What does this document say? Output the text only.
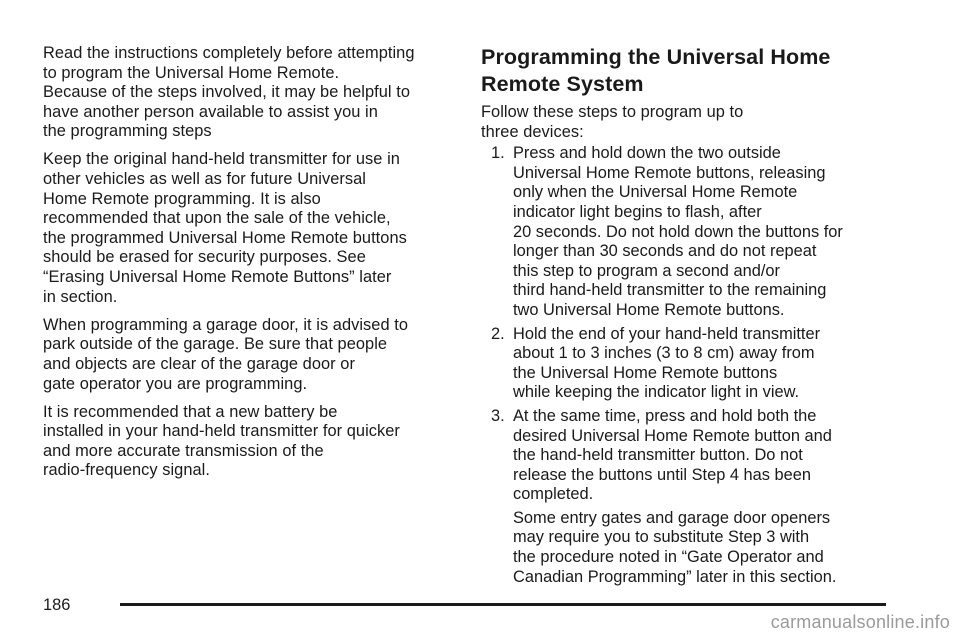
Read the instructions completely before attempting
to program the Universal Home Remote.
Because of the steps involved, it may be helpful to
have another person available to assist you in
the programming steps

Keep the original hand-held transmitter for use in
other vehicles as well as for future Universal
Home Remote programming. It is also
recommended that upon the sale of the vehicle,
the programmed Universal Home Remote buttons
should be erased for security purposes. See
“Erasing Universal Home Remote Buttons” later
in section.

When programming a garage door, it is advised to
park outside of the garage. Be sure that people
and objects are clear of the garage door or
gate operator you are programming.

It is recommended that a new battery be
installed in your hand-held transmitter for quicker
and more accurate transmission of the
radio-frequency signal.

Programming the Universal Home
Remote System

Follow these steps to program up to
three devices:

1. Press and hold down the two outside
Universal Home Remote buttons, releasing
only when the Universal Home Remote
indicator light begins to flash, after
20 seconds. Do not hold down the buttons for
longer than 30 seconds and do not repeat
this step to program a second and/or
third hand-held transmitter to the remaining
two Universal Home Remote buttons.

2. Hold the end of your hand-held transmitter
about 1 to 3 inches (3 to 8 cm) away from
the Universal Home Remote buttons
while keeping the indicator light in view.

3. At the same time, press and hold both the
desired Universal Home Remote button and
the hand-held transmitter button. Do not
release the buttons until Step 4 has been
completed.

Some entry gates and garage door openers
may require you to substitute Step 3 with
the procedure noted in “Gate Operator and
Canadian Programming” later in this section.

186
carmanualsonline.info
